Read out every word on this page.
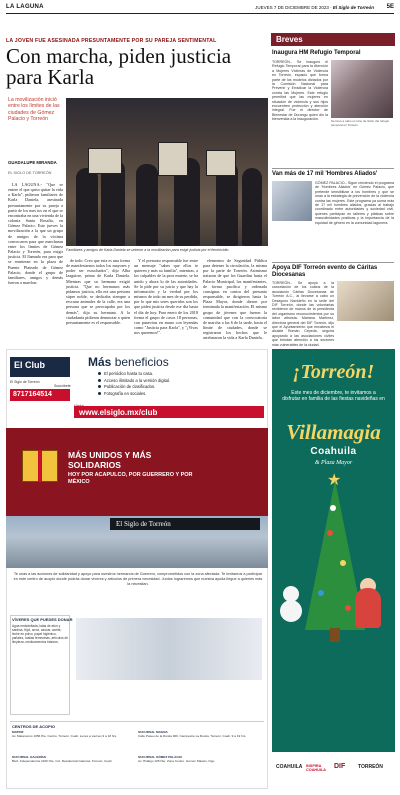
LA LAGUNA	JUEVES 7 DE DICIEMBRE DE 2023 · El Siglo de Torreón 5E
LA JOVEN FUE ASESINADA PRESUNTAMENTE POR SU PAREJA SENTIMENTAL
Con marcha, piden justicia para Karla
La movilización inició entre los límites de las ciudades de Gómez Palacio y Torreón
GUADALUPE MIRANDA
EL SIGLO DE TORREÓN
Familiares y amigos de Karla Daniela se unieron a la movilización para exigir justicia por el feminicidio.

LA LAGUNA.- "Que se entere el que quiso quitar la vida a Karla", pidieron familiares de Karla Daniela, asesinada presuntamente por su pareja a partir de los mes tos en el que se encontraba en una vivienda de la colonia Santa Rosalía, en Gómez Palacio. Este jueves la movilización a la que un grupo de amigos de la víctima convocaron para que marcharan entre los límites de Gómez Palacio y Torreón, para exigir justicia. El llamado era para que se reunieran en la plaza de Puente Plateado de Gómez Palacio, donde el grupo de familiares, amigos y demás fueron a marchar.

de todo. Creo que esta es una forma de manifestarnos todos los mayores y poder ser escuchados", dijo Alba Izaguirre, prima de Karla Daniela. Mientras que su hermana exigió justicia. "Que no hermanos más pidamos justicia, ella era una persona súper noble, se dedicaba siempre a rescatar animales de la calle, era una persona que se preocupaba por los demás", dijo su hermana. A la ciudadanía pidieron denunciar a quien presuntamente es el responsable.

Y el presunto responsable fue entre un mensaje "sabes que ellos te quieren y más su familia", mientras, a los culpables de la peor muerte, se ha unido y ahora lo de las autoridades. Se lo pide por su juicio y que hay la información y la verdad por los mismos de todo un mes de su perdida, por lo que mis seres queridos son los que piden justicia desde ese día hasta el día de hoy. Para enero de los 2018 forma el grupo de casos 18 personas, con panecitas en mano con leyendas como "Justicia para Karla", y "¡Vivas nos queremos!".

elementos de Seguridad Pública para detener la circulación, la misma por la parte de Torreón. Asimismo trataron de que los Guardias hasta el Palacio Municipal, los manifestantes, de forma pacífica y ordenada consignas en contra del presunto responsable, se dirigieron hasta la Plaza Mayor, donde dieron por terminada la manifestación. El mismo grupo de jóvenes que fueron la comunidad que con la convocatoria de marcha a las 6 de la tarde, hasta el límite de ciudades, donde se registraron los hechos que le arrebataron la vida a Karla Daniela.

Breves
Inaugura HM Refugio Temporal
TORREÓN.- Se inauguró el Refugio Temporal para la Atención a Mujeres Víctimas de Violencia en Torreón, espacio que forma parte de los modelos dictados por la Comisión Nacional para Prevenir y Erradicar la Violencia contra las Mujeres. Este refugio permitirá que las mujeres en situación de violencia y sus hijos encuentren protección y atención integral. Fue el director de Bienestar de Durango quien dio la bienvenida a la inauguración.	Se llevó a cabo el corte de listón del refugio temporal en Torreón.
Van más de 17 mil 'Hombres Aliados'
GÓMEZ PALACIO.- Sigue creciendo el programa de 'Hombres Aliados' en Gómez Palacio, que pretende sensibilizar a los hombres y que se unan a la estrategia de prevención de la violencia contra las mujeres. Este programa ya suma más de 17 mil hombres aliados, gracias al trabajo coordinado entre autoridades y sociedad civil, quienes participan en talleres y pláticas sobre masculinidades positivas y la importancia de la equidad de género en la comunidad lagunera.
Apoya DIF Torreón evento de Cáritas Diocesanas
TORREÓN.- Se apoyó a la cancelación de los costos de la asociación Cáritas Diocesanas de Torreón A.C., al llevarse a cabo un Desayuno Navideño en la sede del DIF Torreón, donde las voluntarias recibieron de manos de la presidenta del organismo reconocimientos por su labor altruista. Mariana Martínez, directora general del DIF Torreón, dijo que el Ayuntamiento que encabeza el alcalde Román Cepeda, seguirá apoyando a las asociaciones civiles que brindan atención a los sectores más vulnerables de la ciudad.
El Club
El Siglo de Torreón
Suscríbete
8717164514
Más beneficios
El periódico hasta tu casa.
Acceso ilimitado a la versión digital.
Publicación de clasificados.
Fotografía en sociales.
www.elsiglo.mx/club
MÁS UNIDOS Y MÁS SOLIDARIOS
HOY POR ACAPULCO, POR GUERRERO Y POR MÉXICO
El Siglo de Torreón
Te unas a las acciones de solidaridad y apoyo para nuestros hermanos de Guerrero, comprometidos con la zona afectada. Te invitamos a participar en este centro de acopio donde podrás donar víveres y artículos de primera necesidad. Juntos lograremos que nuestra ayuda llegue a quienes más la necesitan.
VÍVERES QUE PUEDES DONAR
Agua embotellada, latas de atún y sardina, frijol, arroz, azúcar, aceite, leche en polvo, papel higiénico, pañales, toallas femeninas, artículos de limpieza, medicamentos básicos.
CENTROS DE ACOPIO
MATRIZ
Av. Matamoros 1056 Pte. Centro, Torreón, Coah. Lunes a viernes 9 a 18 hrs.
SUCURSAL MAGNA
Calle Paseo de la Rosita 900, Campestre La Rosita, Torreón, Coah. 9 a 19 hrs.
SUCURSAL GALERÍAS
Blvd. Independencia 4100 Ote. Col. Residencial Galerías, Torreón, Coah.
SUCURSAL GÓMEZ PALACIO
Av. Hidalgo 105 Nte. Zona Centro, Gómez Palacio, Dgo.
¡Torreón!
Este mes de diciembre, te invitamos a disfrutar en familia de las fiestas navideñas en
Villamagia
Coahuila
& Plaza Mayor
★
COAHUILA INSPIRA COAHUILA
DIF	TORREÓN
